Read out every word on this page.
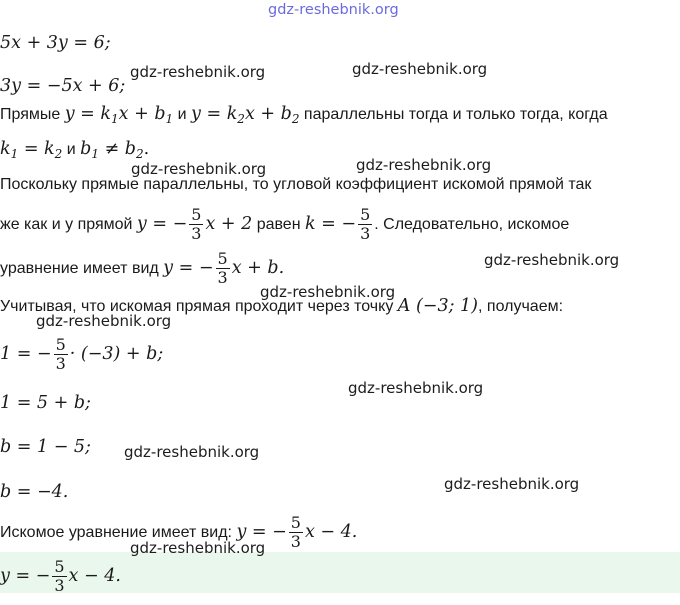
gdz-reshebnik.org
gdz-reshebnik.org	gdz-reshebnik.org
gdz-reshebnik.org	gdz-reshebnik.org
gdz-reshebnik.org
gdz-reshebnik.org
gdz-reshebnik.org
gdz-reshebnik.org
gdz-reshebnik.org
gdz-reshebnik.org
gdz-reshebnik.org
5x + 3y = 6;
3y = −5x + 6;
Прямые $y = k_1x + b_1$ и $y = k_2x + b_2$ параллельны тогда и только тогда, когда
$k_1 = k_2$ и $b_1 \ne b_2$.
Поскольку прямые параллельны, то угловой коэффициент искомой прямой так
же как и у прямой y = − $\frac{5}{3}$ x + 2 равен k = − $\frac{5}{3}$ . Следовательно, искомое
уравнение имеет вид y = − $\frac{5}{3}$ x + b.
Учитывая, что искомая прямая проходит через точку A (−3; 1), получаем:
1 = − $\frac{5}{3} \cdot (-3) + b$;
1 = 5 + b;
b = 1 − 5;
b = −4.
Искомое уравнение имеет вид: y = − $\frac{5}{3}$ x − 4.
y = − $\frac{5}{3}$ x − 4.
